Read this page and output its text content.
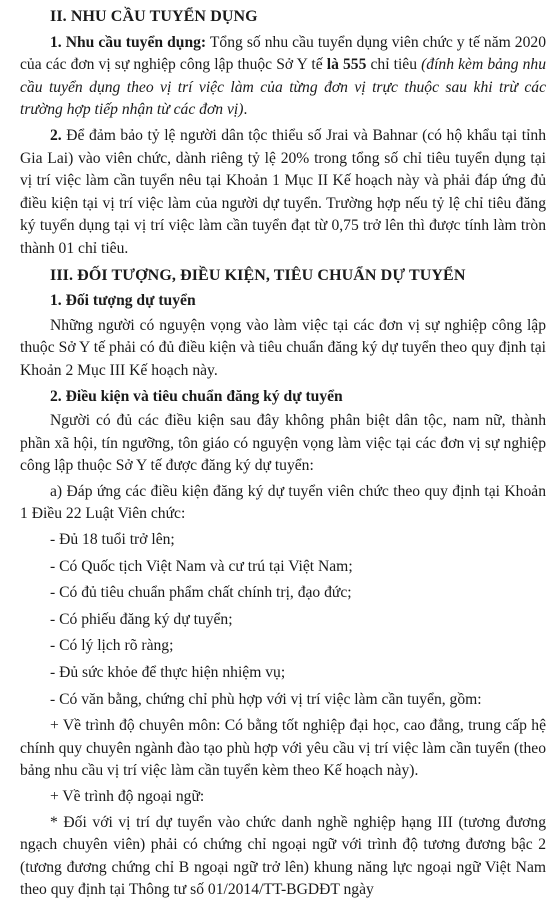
II. NHU CẦU TUYỂN DỤNG

1. Nhu cầu tuyển dụng: Tổng số nhu cầu tuyển dụng viên chức y tế năm 2020 của các đơn vị sự nghiệp công lập thuộc Sở Y tế là 555 chỉ tiêu (đính kèm bảng nhu cầu tuyển dụng theo vị trí việc làm của từng đơn vị trực thuộc sau khi trừ các trường hợp tiếp nhận từ các đơn vị).

2. Để đảm bảo tỷ lệ người dân tộc thiểu số Jrai và Bahnar (có hộ khẩu tại tỉnh Gia Lai) vào viên chức, dành riêng tỷ lệ 20% trong tổng số chỉ tiêu tuyển dụng tại vị trí việc làm cần tuyển nêu tại Khoản 1 Mục II Kế hoạch này và phải đáp ứng đủ điều kiện tại vị trí việc làm của người dự tuyển. Trường hợp nếu tỷ lệ chỉ tiêu đăng ký tuyển dụng tại vị trí việc làm cần tuyển đạt từ 0,75 trở lên thì được tính làm tròn thành 01 chỉ tiêu.

III. ĐỐI TƯỢNG, ĐIỀU KIỆN, TIÊU CHUẨN DỰ TUYỂN
1. Đối tượng dự tuyển

Những người có nguyện vọng vào làm việc tại các đơn vị sự nghiệp công lập thuộc Sở Y tế phải có đủ điều kiện và tiêu chuẩn đăng ký dự tuyển theo quy định tại Khoản 2 Mục III Kế hoạch này.

2. Điều kiện và tiêu chuẩn đăng ký dự tuyển

Người có đủ các điều kiện sau đây không phân biệt dân tộc, nam nữ, thành phần xã hội, tín ngưỡng, tôn giáo có nguyện vọng làm việc tại các đơn vị sự nghiệp công lập thuộc Sở Y tế được đăng ký dự tuyển:

a) Đáp ứng các điều kiện đăng ký dự tuyển viên chức theo quy định tại Khoản 1 Điều 22 Luật Viên chức:

- Đủ 18 tuổi trở lên;
- Có Quốc tịch Việt Nam và cư trú tại Việt Nam;
- Có đủ tiêu chuẩn phẩm chất chính trị, đạo đức;
- Có phiếu đăng ký dự tuyển;
- Có lý lịch rõ ràng;
- Đủ sức khỏe để thực hiện nhiệm vụ;
- Có văn bằng, chứng chỉ phù hợp với vị trí việc làm cần tuyển, gồm:

+ Về trình độ chuyên môn: Có bằng tốt nghiệp đại học, cao đẳng, trung cấp hệ chính quy chuyên ngành đào tạo phù hợp với yêu cầu vị trí việc làm cần tuyển (theo bảng nhu cầu vị trí việc làm cần tuyển kèm theo Kế hoạch này).

+ Về trình độ ngoại ngữ:

* Đối với vị trí dự tuyển vào chức danh nghề nghiệp hạng III (tương đương ngạch chuyên viên) phải có chứng chỉ ngoại ngữ với trình độ tương đương bậc 2 (tương đương chứng chỉ B ngoại ngữ trở lên) khung năng lực ngoại ngữ Việt Nam theo quy định tại Thông tư số 01/2014/TT-BGDĐT ngày
